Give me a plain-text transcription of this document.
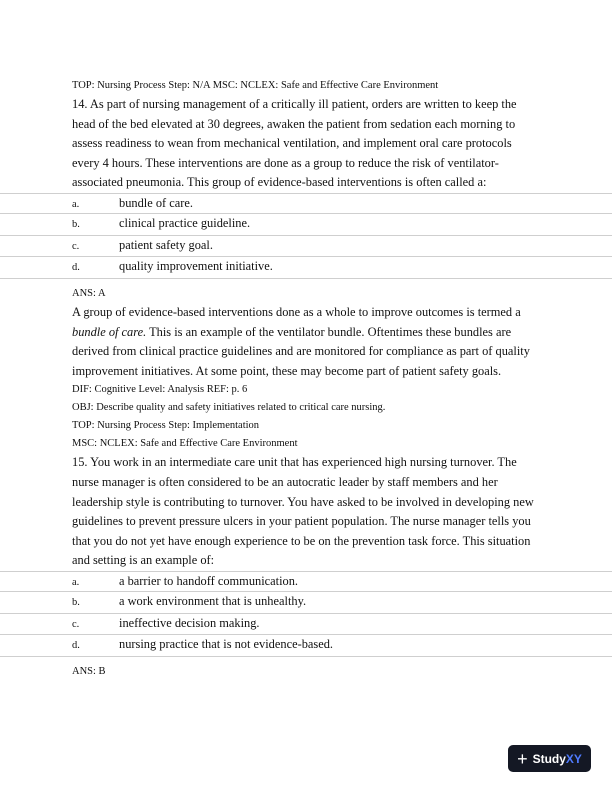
TOP: Nursing Process Step: N/A MSC: NCLEX: Safe and Effective Care Environment

14. As part of nursing management of a critically ill patient, orders are written to keep the head of the bed elevated at 30 degrees, awaken the patient from sedation each morning to assess readiness to wean from mechanical ventilation, and implement oral care protocols every 4 hours. These interventions are done as a group to reduce the risk of ventilator-associated pneumonia. This group of evidence-based interventions is often called a:

a.	bundle of care.
b.	clinical practice guideline.
c.	patient safety goal.
d.	quality improvement initiative.
ANS: A

A group of evidence-based interventions done as a whole to improve outcomes is termed a bundle of care. This is an example of the ventilator bundle. Oftentimes these bundles are derived from clinical practice guidelines and are monitored for compliance as part of quality improvement initiatives. At some point, these may become part of patient safety goals.

DIF: Cognitive Level: Analysis REF: p. 6
OBJ: Describe quality and safety initiatives related to critical care nursing.
TOP: Nursing Process Step: Implementation
MSC: NCLEX: Safe and Effective Care Environment

15. You work in an intermediate care unit that has experienced high nursing turnover. The nurse manager is often considered to be an autocratic leader by staff members and her leadership style is contributing to turnover. You have asked to be involved in developing new guidelines to prevent pressure ulcers in your patient population. The nurse manager tells you that you do not yet have enough experience to be on the prevention task force. This situation and setting is an example of:

a.	a barrier to handoff communication.
b.	a work environment that is unhealthy.
c.	ineffective decision making.
d.	nursing practice that is not evidence-based.
ANS: B
+ Study XY
